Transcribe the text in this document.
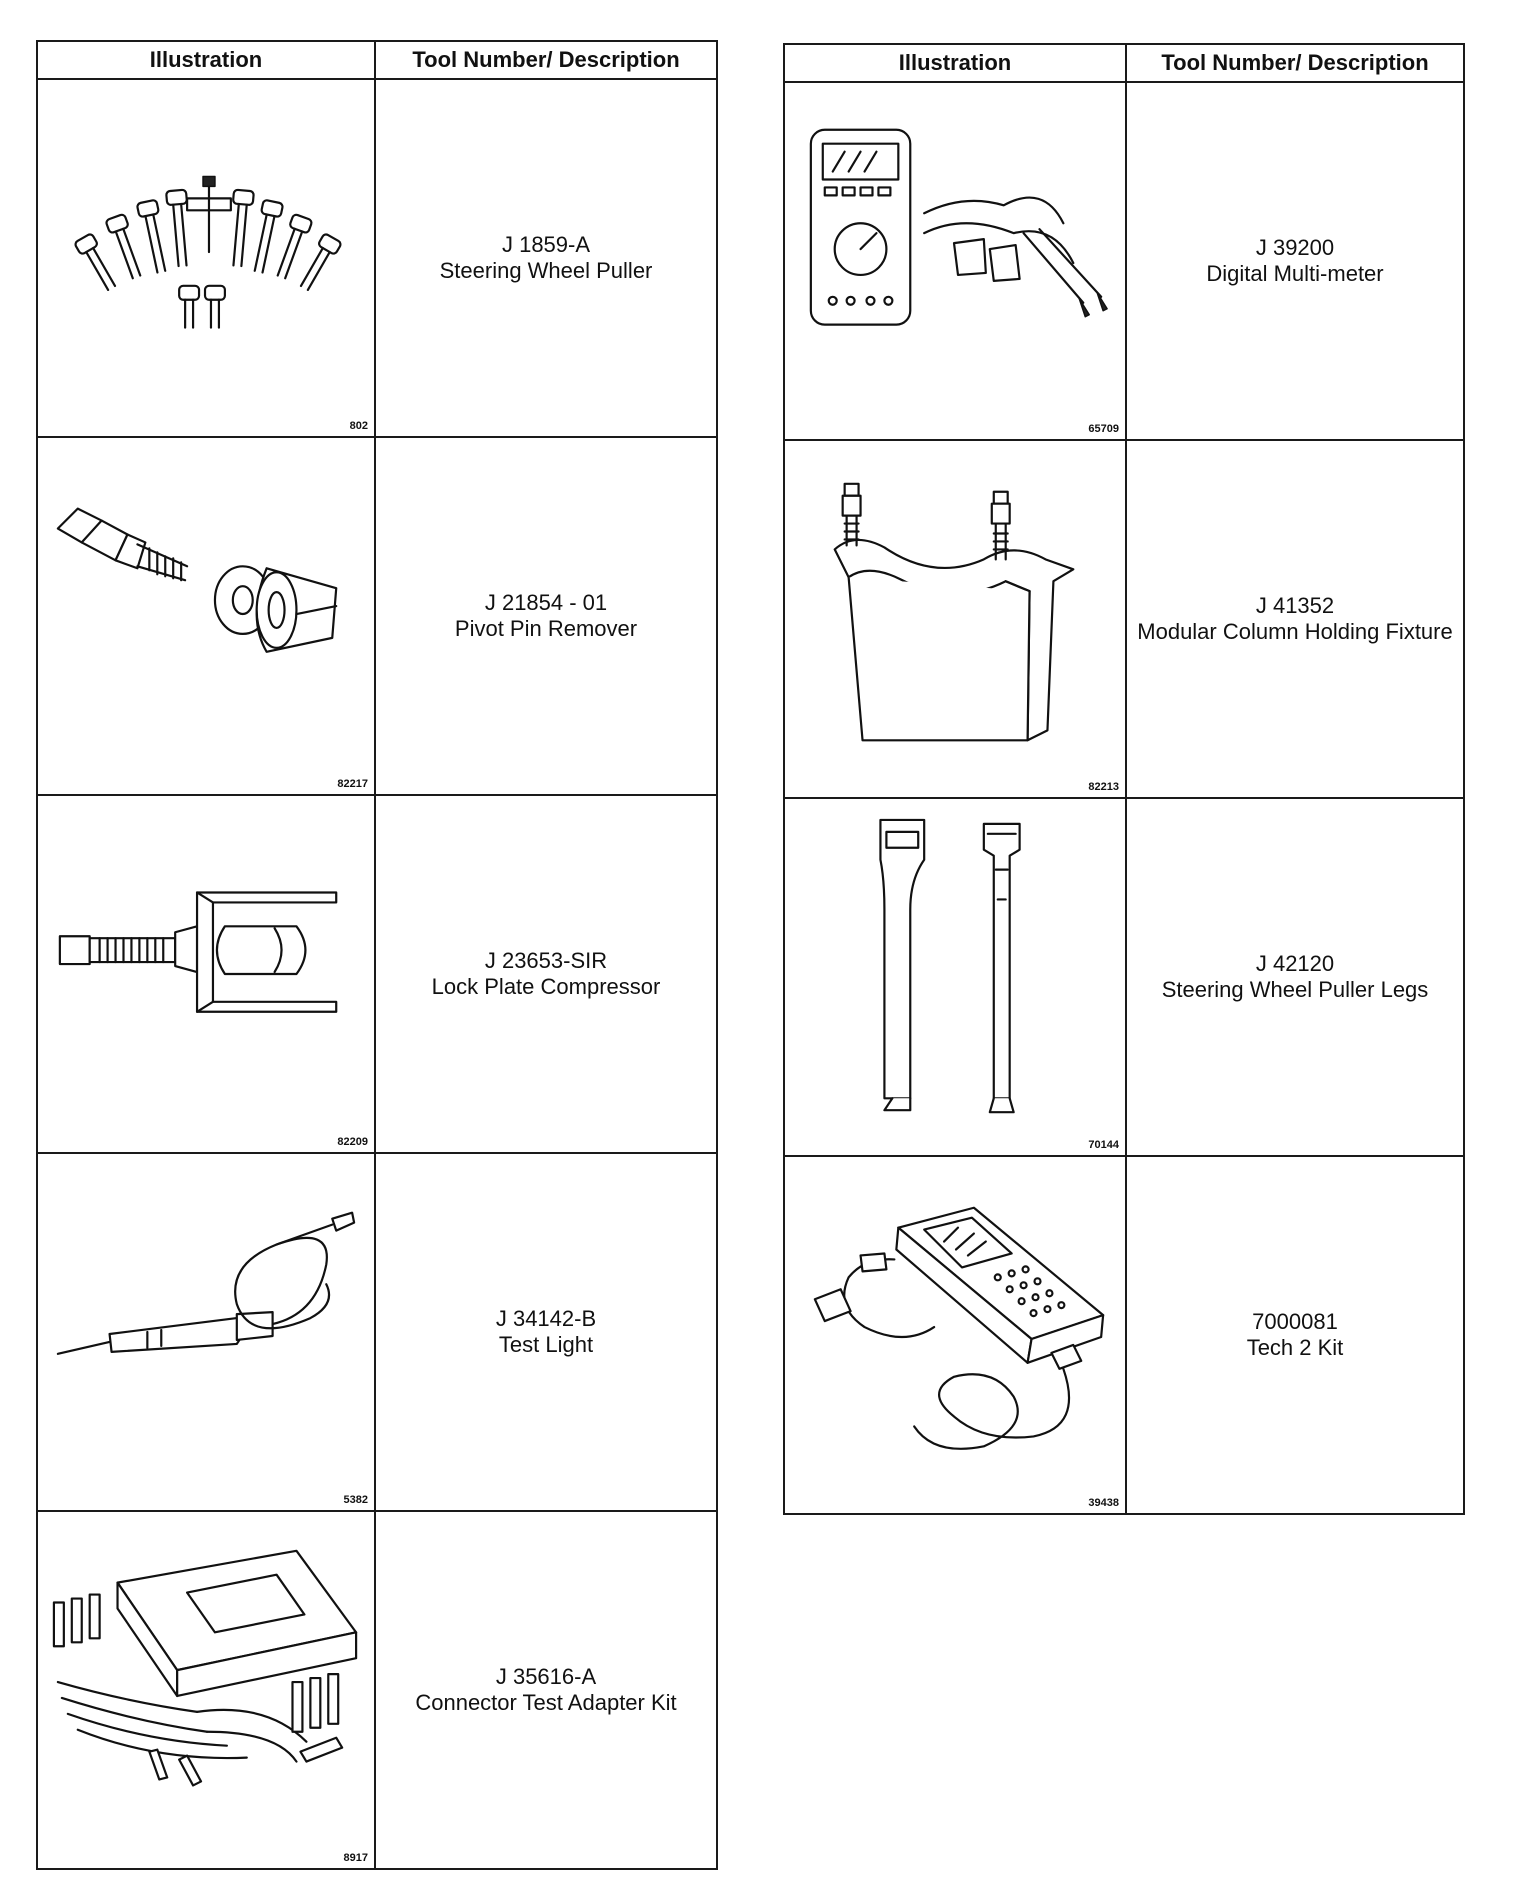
Illustration	Tool Number/ Description

802	J 1859-A
Steering Wheel Puller

82217	J 21854 - 01
Pivot Pin Remover

82209	J 23653-SIR
Lock Plate Compressor

5382	J 34142-B
Test Light

8917	J 35616-A
Connector Test Adapter Kit
Illustration	Tool Number/ Description

65709	J 39200
Digital Multi-meter

82213	J 41352
Modular Column Holding Fixture

70144	J 42120
Steering Wheel Puller Legs

39438	7000081
Tech 2 Kit
